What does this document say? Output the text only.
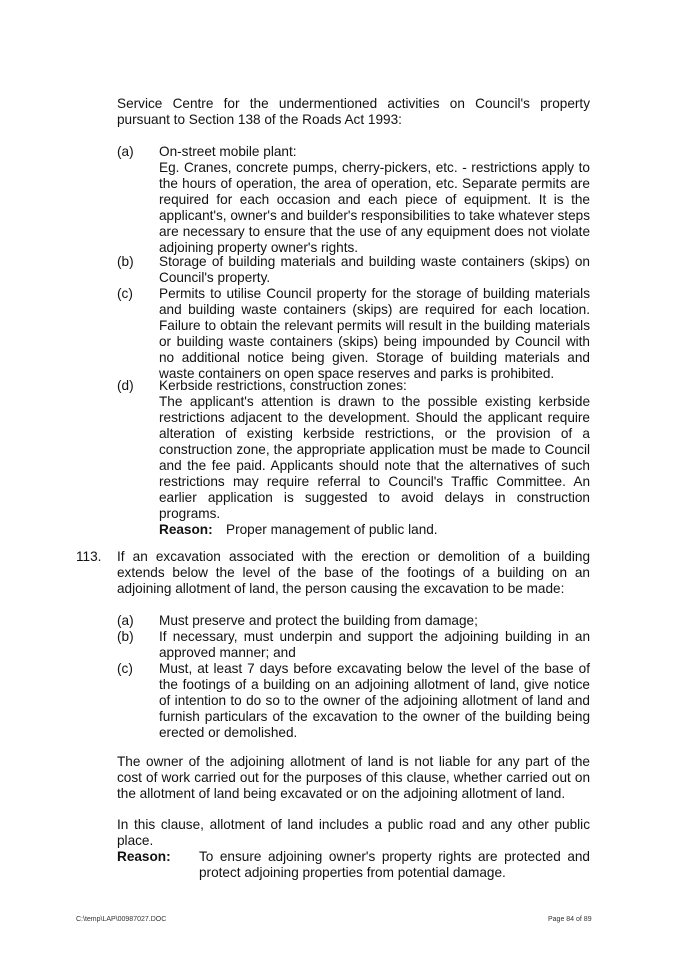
Service Centre for the undermentioned activities on Council's property pursuant to Section 138 of the Roads Act 1993:
(a) On-street mobile plant:
Eg. Cranes, concrete pumps, cherry-pickers, etc. - restrictions apply to the hours of operation, the area of operation, etc. Separate permits are required for each occasion and each piece of equipment. It is the applicant's, owner's and builder's responsibilities to take whatever steps are necessary to ensure that the use of any equipment does not violate adjoining property owner's rights.
(b) Storage of building materials and building waste containers (skips) on Council's property.
(c) Permits to utilise Council property for the storage of building materials and building waste containers (skips) are required for each location. Failure to obtain the relevant permits will result in the building materials or building waste containers (skips) being impounded by Council with no additional notice being given. Storage of building materials and waste containers on open space reserves and parks is prohibited.
(d) Kerbside restrictions, construction zones:
The applicant's attention is drawn to the possible existing kerbside restrictions adjacent to the development. Should the applicant require alteration of existing kerbside restrictions, or the provision of a construction zone, the appropriate application must be made to Council and the fee paid. Applicants should note that the alternatives of such restrictions may require referral to Council's Traffic Committee. An earlier application is suggested to avoid delays in construction programs.
Reason: Proper management of public land.
113. If an excavation associated with the erection or demolition of a building extends below the level of the base of the footings of a building on an adjoining allotment of land, the person causing the excavation to be made:
(a) Must preserve and protect the building from damage;
(b) If necessary, must underpin and support the adjoining building in an approved manner; and
(c) Must, at least 7 days before excavating below the level of the base of the footings of a building on an adjoining allotment of land, give notice of intention to do so to the owner of the adjoining allotment of land and furnish particulars of the excavation to the owner of the building being erected or demolished.
The owner of the adjoining allotment of land is not liable for any part of the cost of work carried out for the purposes of this clause, whether carried out on the allotment of land being excavated or on the adjoining allotment of land.
In this clause, allotment of land includes a public road and any other public place.
Reason: To ensure adjoining owner's property rights are protected and protect adjoining properties from potential damage.
C:\temp\LAP\00987027.DOC	Page 84 of 89
